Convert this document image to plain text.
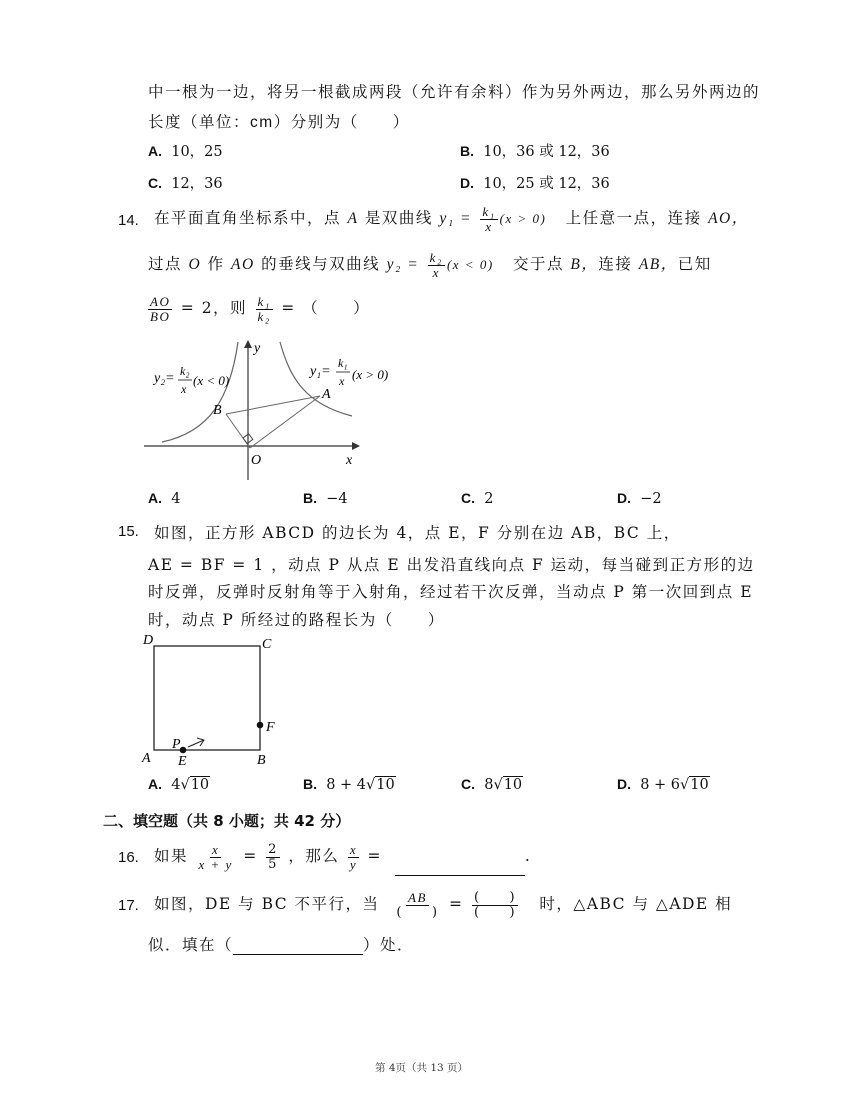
中一根为一边，将另一根截成两段（允许有余料）作为另外两边，那么另外两边的
长度（单位：cm）分别为（　　）
A. 10，25	B. 10，36 或 12，36
C. 12，36	D. 10，25 或 12，36
14. 在平面直角坐标系中，点 A 是双曲线 $y_1 = \frac{\text{k₁}}{x} (x > 0)$ 上任意一点，连接 AO，
过点 O 作 AO 的垂线与双曲线 $y_2 = \frac{\text{k₂}}{x} (x < 0)$ 交于点 B，连接 AB，已知
$\frac{AO}{BO} = 2$，则 $\frac{\text{k₁}}{\text{k₂}}$ = （　　）
y₂= k₂
x
(x < 0)
y₁=
k₁
x (x > 0)
A
B
O	x
y
A. 4	B. −4	C. 2	D. −2
15. 如图，正方形 ABCD 的边长为 4，点 E，F 分别在边 AB，BC 上，
AE = BF = 1 ，动点 P 从点 E 出发沿直线向点 F 运动，每当碰到正方形的边
时反弹，反弹时反射角等于入射角，经过若干次反弹，当动点 P 第一次回到点 E
时，动点 P 所经过的路程长为（　　）
D	C
A	B
F
E
P
A. 4√10	B. 8 + 4√10	C. 8√10	D. 8 + 6√10
二、填空题（共 8 小题；共 42 分）
16. 如果 $\frac{x}{x + y} = \frac{2}{5}$ ，那么 $\frac{x}{y}$ =	.
17. 如图，DE 与 BC 不平行，当 $\frac{AB}{( )} = \frac{( )}{( )}$ 时，△ABC 与 △ADE 相
似．填在（	）处．
第 4页（共 13 页）
